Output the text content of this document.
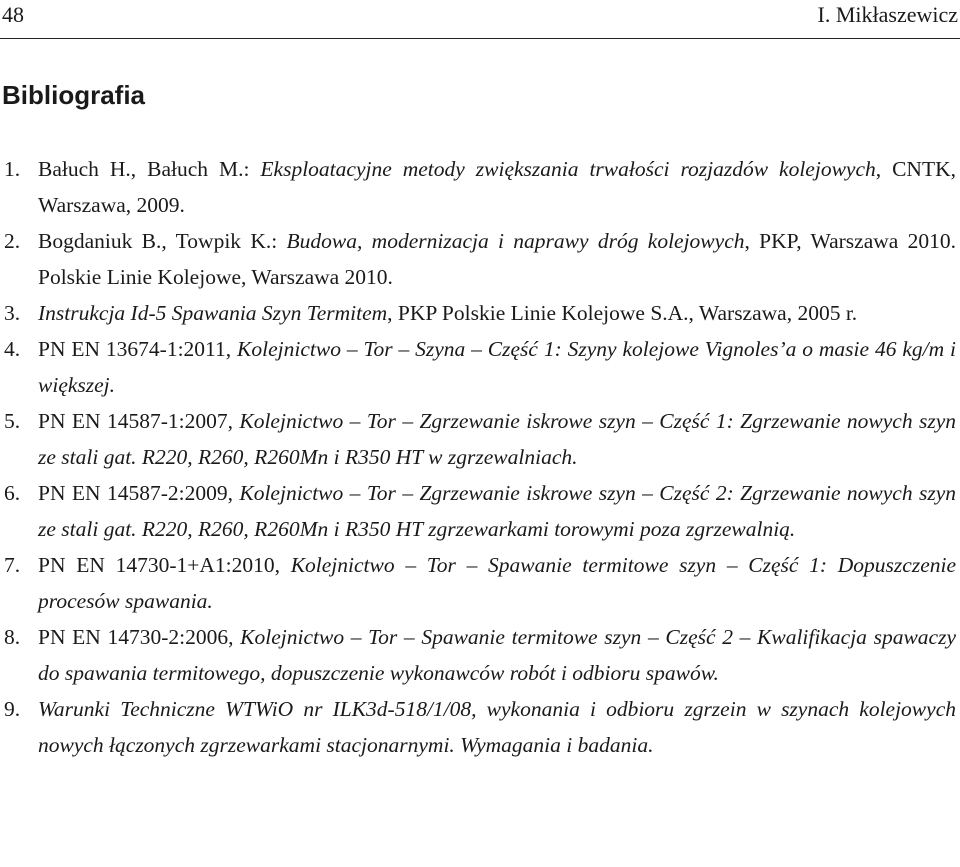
48	I. Mikłaszewicz
Bibliografia
1. Bałuch H., Bałuch M.: Eksploatacyjne metody zwiększania trwałości rozjazdów kolejowych, CNTK, Warszawa, 2009.
2. Bogdaniuk B., Towpik K.: Budowa, modernizacja i naprawy dróg kolejowych, PKP, Warszawa 2010. Polskie Linie Kolejowe, Warszawa 2010.
3. Instrukcja Id-5 Spawania Szyn Termitem, PKP Polskie Linie Kolejowe S.A., Warszawa, 2005 r.
4. PN EN 13674-1:2011, Kolejnictwo – Tor – Szyna – Część 1: Szyny kolejowe Vignoles’a o masie 46 kg/m i większej.
5. PN EN 14587-1:2007, Kolejnictwo – Tor – Zgrzewanie iskrowe szyn – Część 1: Zgrzewanie nowych szyn ze stali gat. R220, R260, R260Mn i R350 HT w zgrzewalniach.
6. PN EN 14587-2:2009, Kolejnictwo – Tor – Zgrzewanie iskrowe szyn – Część 2: Zgrzewanie nowych szyn ze stali gat. R220, R260, R260Mn i R350 HT zgrzewarkami torowymi poza zgrzewalnią.
7. PN EN 14730-1+A1:2010, Kolejnictwo – Tor – Spawanie termitowe szyn – Część 1: Dopuszczenie procesów spawania.
8. PN EN 14730-2:2006, Kolejnictwo – Tor – Spawanie termitowe szyn – Część 2 – Kwalifikacja spawaczy do spawania termitowego, dopuszczenie wykonawców robót i odbioru spawów.
9. Warunki Techniczne WTWiO nr ILK3d-518/1/08, wykonania i odbioru zgrzein w szynach kolejowych nowych łączonych zgrzewarkami stacjonarnymi. Wymagania i badania.
